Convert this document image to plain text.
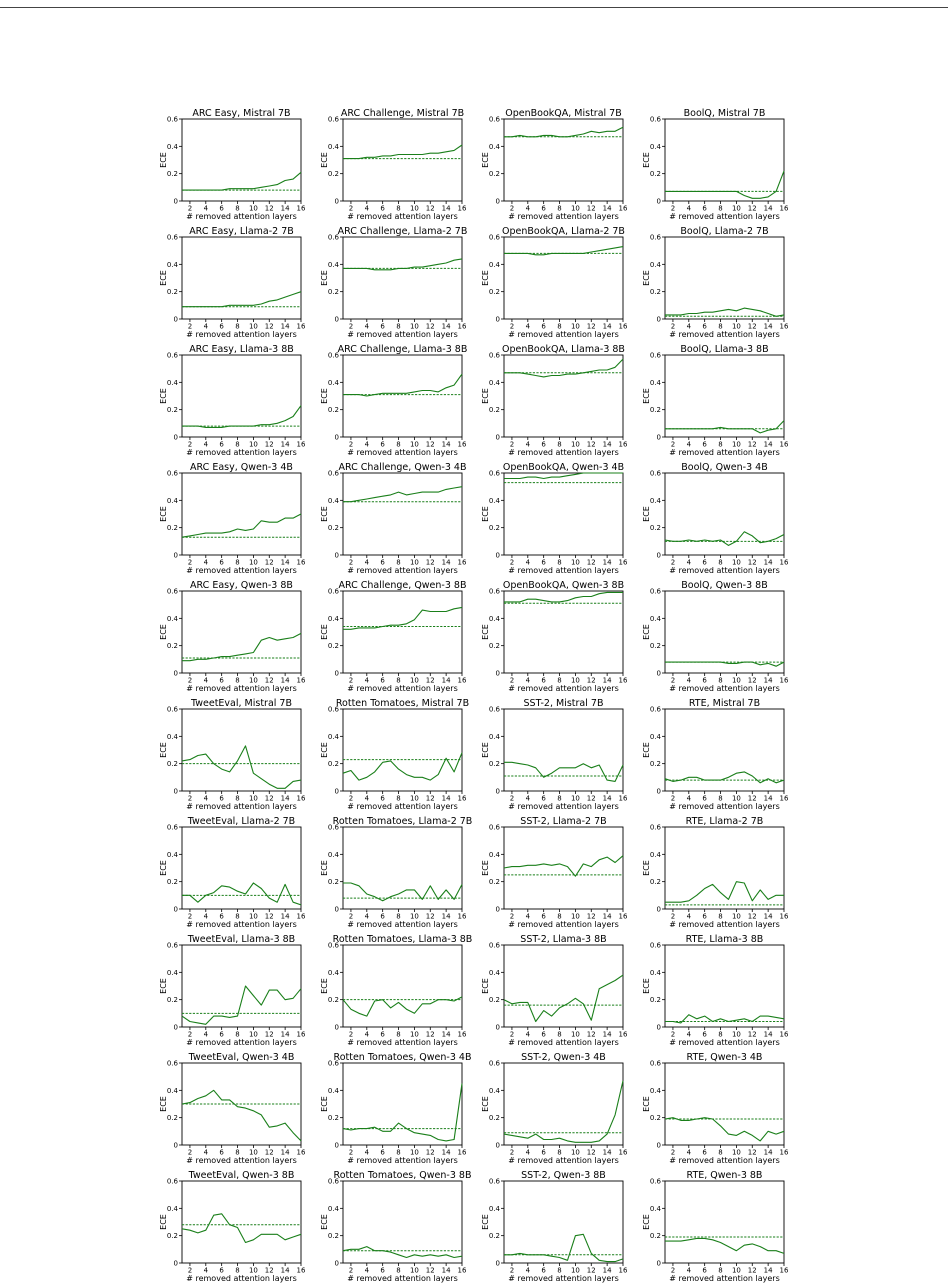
ARC Easy, Mistral 7B
0
0.2
0.4
0.6
2 4 6 8 10 12 14 16
# removed attention layers
ECE
ARC Challenge, Mistral 7B
0
0.2
0.4
0.6
2 4 6 8 10 12 14 16
# removed attention layers
ECE
OpenBookQA, Mistral 7B
0
0.2
0.4
0.6
2 4 6 8 10 12 14 16
# removed attention layers
ECE
BoolQ, Mistral 7B
0
0.2
0.4
0.6
2 4 6 8 10 12 14 16
# removed attention layers
ECE
ARC Easy, Llama-2 7B
0
0.2
0.4
0.6
2 4 6 8 10 12 14 16
# removed attention layers
ECE
ARC Challenge, Llama-2 7B
0
0.2
0.4
0.6
2 4 6 8 10 12 14 16
# removed attention layers
ECE
OpenBookQA, Llama-2 7B
0
0.2
0.4
0.6
2 4 6 8 10 12 14 16
# removed attention layers
ECE
BoolQ, Llama-2 7B
0
0.2
0.4
0.6
2 4 6 8 10 12 14 16
# removed attention layers
ECE
ARC Easy, Llama-3 8B
0
0.2
0.4
0.6
2 4 6 8 10 12 14 16
# removed attention layers
ECE
ARC Challenge, Llama-3 8B
0
0.2
0.4
0.6
2 4 6 8 10 12 14 16
# removed attention layers
ECE
OpenBookQA, Llama-3 8B
0
0.2
0.4
0.6
2 4 6 8 10 12 14 16
# removed attention layers
ECE
BoolQ, Llama-3 8B
0
0.2
0.4
0.6
2 4 6 8 10 12 14 16
# removed attention layers
ECE
ARC Easy, Qwen-3 4B
0
0.2
0.4
0.6
2 4 6 8 10 12 14 16
# removed attention layers
ECE
ARC Challenge, Qwen-3 4B
0
0.2
0.4
0.6
2 4 6 8 10 12 14 16
# removed attention layers
ECE
OpenBookQA, Qwen-3 4B
0
0.2
0.4
0.6
2 4 6 8 10 12 14 16
# removed attention layers
ECE
BoolQ, Qwen-3 4B
0
0.2
0.4
0.6
2 4 6 8 10 12 14 16
# removed attention layers
ECE
ARC Easy, Qwen-3 8B
0
0.2
0.4
0.6
2 4 6 8 10 12 14 16
# removed attention layers
ECE
ARC Challenge, Qwen-3 8B
0
0.2
0.4
0.6
2 4 6 8 10 12 14 16
# removed attention layers
ECE
OpenBookQA, Qwen-3 8B
0
0.2
0.4
0.6
2 4 6 8 10 12 14 16
# removed attention layers
ECE
BoolQ, Qwen-3 8B
0
0.2
0.4
0.6
2 4 6 8 10 12 14 16
# removed attention layers
ECE
TweetEval, Mistral 7B
0
0.2
0.4
0.6
2 4 6 8 10 12 14 16
# removed attention layers
ECE
Rotten Tomatoes, Mistral 7B
0
0.2
0.4
0.6
2 4 6 8 10 12 14 16
# removed attention layers
ECE
SST-2, Mistral 7B
0
0.2
0.4
0.6
2 4 6 8 10 12 14 16
# removed attention layers
ECE
RTE, Mistral 7B
0
0.2
0.4
0.6
2 4 6 8 10 12 14 16
# removed attention layers
ECE
TweetEval, Llama-2 7B
0
0.2
0.4
0.6
2 4 6 8 10 12 14 16
# removed attention layers
ECE
Rotten Tomatoes, Llama-2 7B
0
0.2
0.4
0.6
2 4 6 8 10 12 14 16
# removed attention layers
ECE
SST-2, Llama-2 7B
0
0.2
0.4
0.6
2 4 6 8 10 12 14 16
# removed attention layers
ECE
RTE, Llama-2 7B
0
0.2
0.4
0.6
2 4 6 8 10 12 14 16
# removed attention layers
ECE
TweetEval, Llama-3 8B
0
0.2
0.4
0.6
2 4 6 8 10 12 14 16
# removed attention layers
ECE
Rotten Tomatoes, Llama-3 8B
0
0.2
0.4
0.6
2 4 6 8 10 12 14 16
# removed attention layers
ECE
SST-2, Llama-3 8B
0
0.2
0.4
0.6
2 4 6 8 10 12 14 16
# removed attention layers
ECE
RTE, Llama-3 8B
0
0.2
0.4
0.6
2 4 6 8 10 12 14 16
# removed attention layers
ECE
TweetEval, Qwen-3 4B
0
0.2
0.4
0.6
2 4 6 8 10 12 14 16
# removed attention layers
ECE
Rotten Tomatoes, Qwen-3 4B
0
0.2
0.4
0.6
2 4 6 8 10 12 14 16
# removed attention layers
ECE
SST-2, Qwen-3 4B
0
0.2
0.4
0.6
2 4 6 8 10 12 14 16
# removed attention layers
ECE
RTE, Qwen-3 4B
0
0.2
0.4
0.6
2 4 6 8 10 12 14 16
# removed attention layers
ECE
TweetEval, Qwen-3 8B
0
0.2
0.4
0.6
2 4 6 8 10 12 14 16
# removed attention layers
ECE
Rotten Tomatoes, Qwen-3 8B
0
0.2
0.4
0.6
2 4 6 8 10 12 14 16
# removed attention layers
ECE
SST-2, Qwen-3 8B
0
0.2
0.4
0.6
2 4 6 8 10 12 14 16
# removed attention layers
ECE
RTE, Qwen-3 8B
0
0.2
0.4
0.6
2 4 6 8 10 12 14 16
# removed attention layers
ECE
